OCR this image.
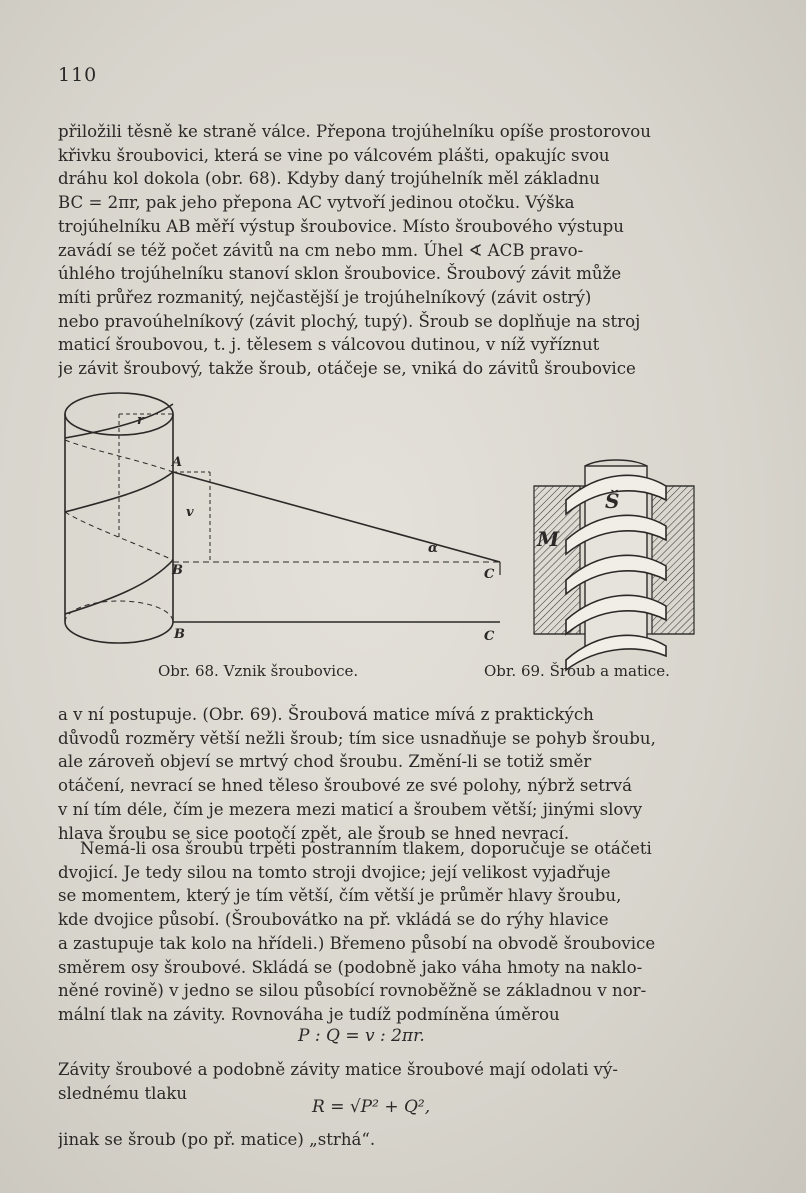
110
přiložili těsně ke straně válce. Přepona trojúhelníku opíše prostorovou
křivku šroubovici, která se vine po válcovém plášti, opakujíc svou
dráhu kol dokola (obr. 68). Kdyby daný trojúhelník měl základnu
BC = 2πr, pak jeho přepona AC vytvoří jedinou otočku. Výška
trojúhelníku AB měří výstup šroubovice. Místo šroubového výstupu
zavádí se též počet závitů na cm nebo mm. Úhel ∢ ACB pravo-
úhlého trojúhelníku stanoví sklon šroubovice. Šroubový závit může
míti průřez rozmanitý, nejčastější je trojúhelníkový (závit ostrý)
nebo pravoúhelníkový (závit plochý, tupý). Šroub se doplňuje na stroj
maticí šroubovou, t. j. tělesem s válcovou dutinou, v níž vyříznut
je závit šroubový, takže šroub, otáčeje se, vniká do závitů šroubovice
r
A
v
α
B	C
B	C
Š
M
Obr. 68. Vznik šroubovice.	Obr. 69. Šroub a matice.
a v ní postupuje. (Obr. 69). Šroubová matice mívá z praktických
důvodů rozměry větší nežli šroub; tím sice usnadňuje se pohyb šroubu,
ale zároveň objeví se mrtvý chod šroubu. Změní-li se totiž směr
otáčení, nevrací se hned těleso šroubové ze své polohy, nýbrž setrvá
v ní tím déle, čím je mezera mezi maticí a šroubem větší; jinými slovy
hlava šroubu se sice pootočí zpět, ale šroub se hned nevrací.
Nemá-li osa šroubu trpěti postranním tlakem, doporučuje se otáčeti
dvojicí. Je tedy silou na tomto stroji dvojice; její velikost vyjadřuje
se momentem, který je tím větší, čím větší je průměr hlavy šroubu,
kde dvojice působí. (Šroubovátko na př. vkládá se do rýhy hlavice
a zastupuje tak kolo na hřídeli.) Břemeno působí na obvodě šroubovice
směrem osy šroubové. Skládá se (podobně jako váha hmoty na naklo-
něné rovině) v jedno se silou působící rovnoběžně se základnou v nor-
mální tlak na závity. Rovnováha je tudíž podmíněna úměrou
P : Q = v : 2πr.
Závity šroubové a podobně závity matice šroubové mají odolati vý-
slednému tlaku
R = √P² + Q²,
jinak se šroub (po př. matice) „strhá“.
